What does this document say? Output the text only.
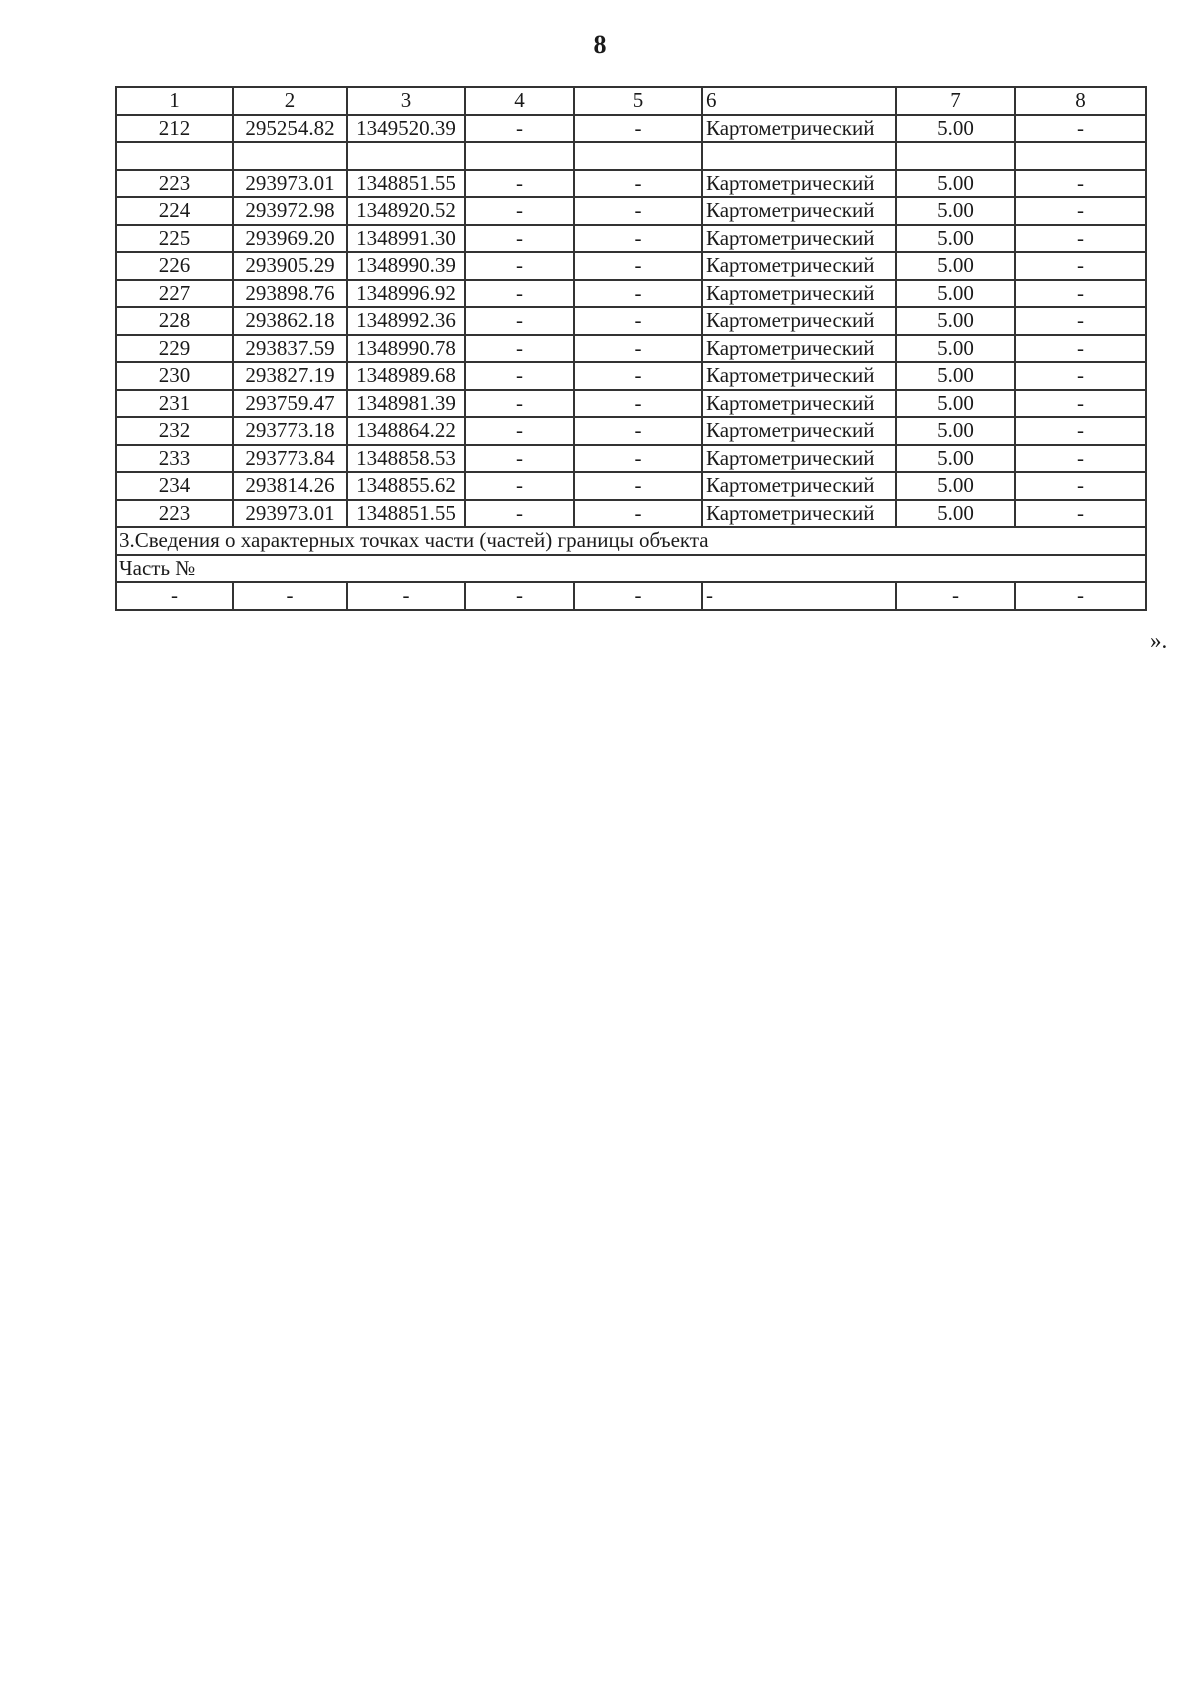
8
1	2	3	4	5	6	7	8
212	295254.82	1349520.39	-	-	Картометрический	5.00	-

223	293973.01	1348851.55	-	-	Картометрический	5.00	-
224	293972.98	1348920.52	-	-	Картометрический	5.00	-
225	293969.20	1348991.30	-	-	Картометрический	5.00	-
226	293905.29	1348990.39	-	-	Картометрический	5.00	-
227	293898.76	1348996.92	-	-	Картометрический	5.00	-
228	293862.18	1348992.36	-	-	Картометрический	5.00	-
229	293837.59	1348990.78	-	-	Картометрический	5.00	-
230	293827.19	1348989.68	-	-	Картометрический	5.00	-
231	293759.47	1348981.39	-	-	Картометрический	5.00	-
232	293773.18	1348864.22	-	-	Картометрический	5.00	-
233	293773.84	1348858.53	-	-	Картометрический	5.00	-
234	293814.26	1348855.62	-	-	Картометрический	5.00	-
223	293973.01	1348851.55	-	-	Картометрический	5.00	-
3.Сведения о характерных точках части (частей) границы объекта							
Часть №							
-	-	-	-	-	-	-	-
».
